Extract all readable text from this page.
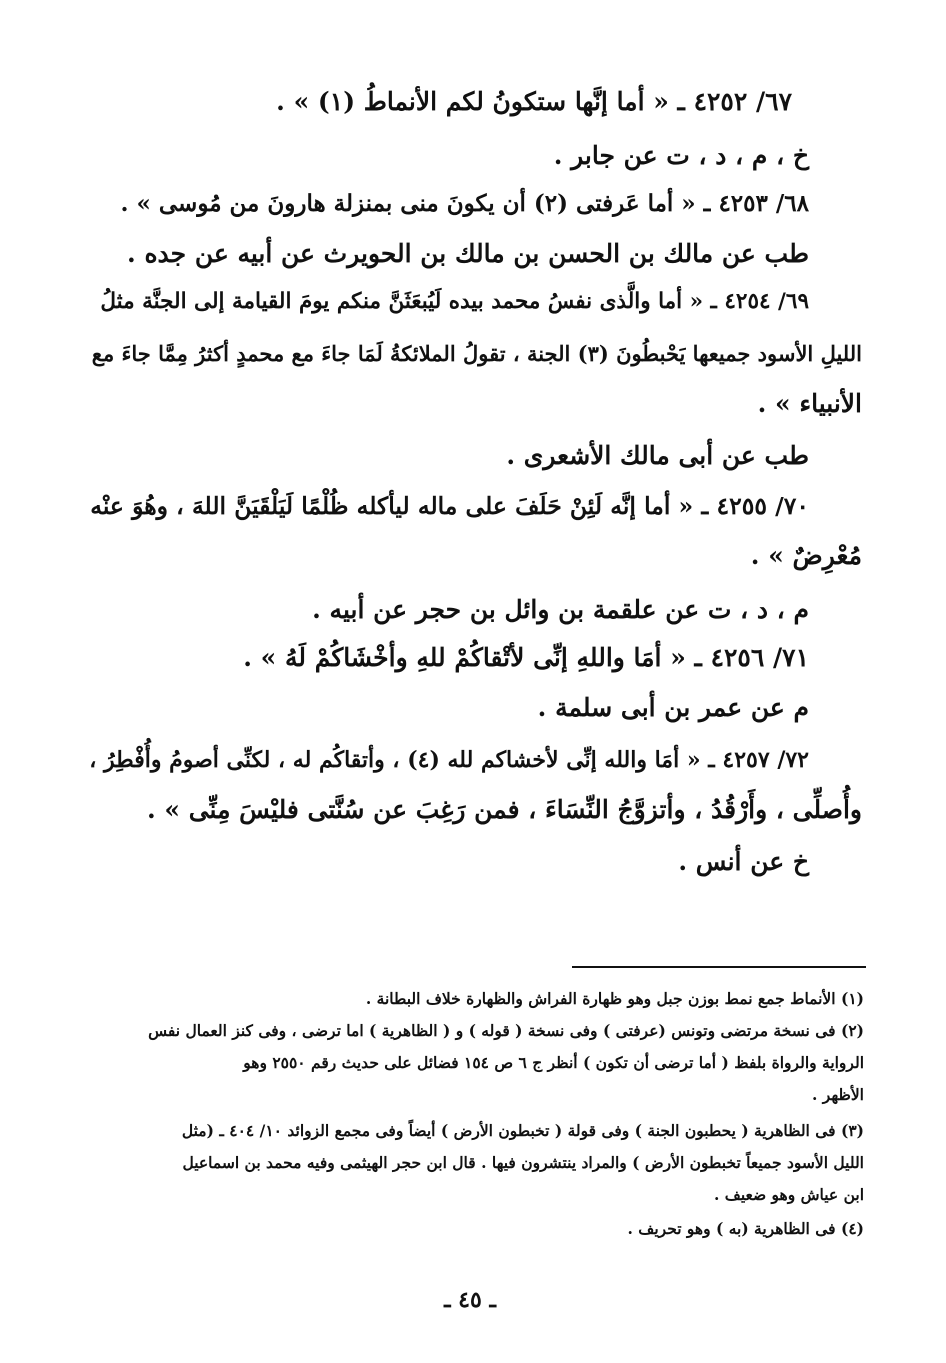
٦٧/ ٤٢٥٢ ـ « أما إنَّها ستكونُ لكم الأنماطُ (١) » .
خ ، م ، د ، ت عن جابر .
٦٨/ ٤٢٥٣ ـ « أما عَرفتى (٢) أن يكونَ منى بمنزلة هارونَ من مُوسى » .
طب عن مالك بن الحسن بن مالك بن الحويرث عن أبيه عن جده .
٦٩/ ٤٢٥٤ ـ « أما والَّذى نفسُ محمد بيده لَيُبعَثَنَّ منكم يومَ القيامة إلى الجنَّة مثلُ
الليلِ الأسود جميعها يَحْبطُونَ (٣) الجنة ، تقولُ الملائكةُ لَمَا جاءَ مع محمدٍ أكثرُ مِمَّا جاءَ مع
الأنبياء » .
طب عن أبى مالك الأشعرى .
٧٠/ ٤٢٥٥ ـ « أما إنَّه لَئِنْ حَلَفَ على ماله ليأكله ظُلْمًا لَيَلْقَيَنَّ اللهَ ، وهُوَ عنْه
مُعْرِضٌ » .
م ، د ، ت عن علقمة بن وائل بن حجر عن أبيه .
٧١/ ٤٢٥٦ ـ « أمَا واللهِ إنِّى لأتْقاكُمْ للهِ وأخْشَاكُمْ لَهُ » .
م عن عمر بن أبى سلمة .
٧٢/ ٤٢٥٧ ـ « أمَا والله إنِّى لأخشاكم لله (٤) ، وأتقاكُم له ، لكنِّى أصومُ وأُفْطِرُ ،
وأُصلِّى ، وأَرْقُدُ ، وأتزوَّجُ النِّسَاءَ ، فمن رَغِبَ عن سُنَّتى فليْسَ مِنِّى » .
خ عن أنس .
(١) الأنماط جمع نمط بوزن جبل وهو ظهارة الفراش والظهارة خلاف البطانة .
(٢) فى نسخة مرتضى وتونس (عرفتى ) وفى نسخة ( قوله ) و ( الظاهرية ) اما ترضى ، وفى كنز العمال نفس
الرواية والرواة بلفظ ( أما ترضى أن تكون ) أنظر ج ٦ ص ١٥٤ فضائل على حديث رقم ٢٥٥٠ وهو
الأظهر .
(٣) فى الظاهرية ( يحطبون الجنة ) وفى قولة ( تخبطون الأرض ) أيضاً وفى مجمع الزوائد ١٠/ ٤٠٤ ـ (مثل
الليل الأسود جميعاً تخبطون الأرض ) والمراد ينتشرون فيها . قال ابن حجر الهيثمى وفيه محمد بن اسماعيل
ابن عياش وهو ضعيف .
(٤) فى الظاهرية (به ) وهو تحريف .
ـ ٤٥ ـ
